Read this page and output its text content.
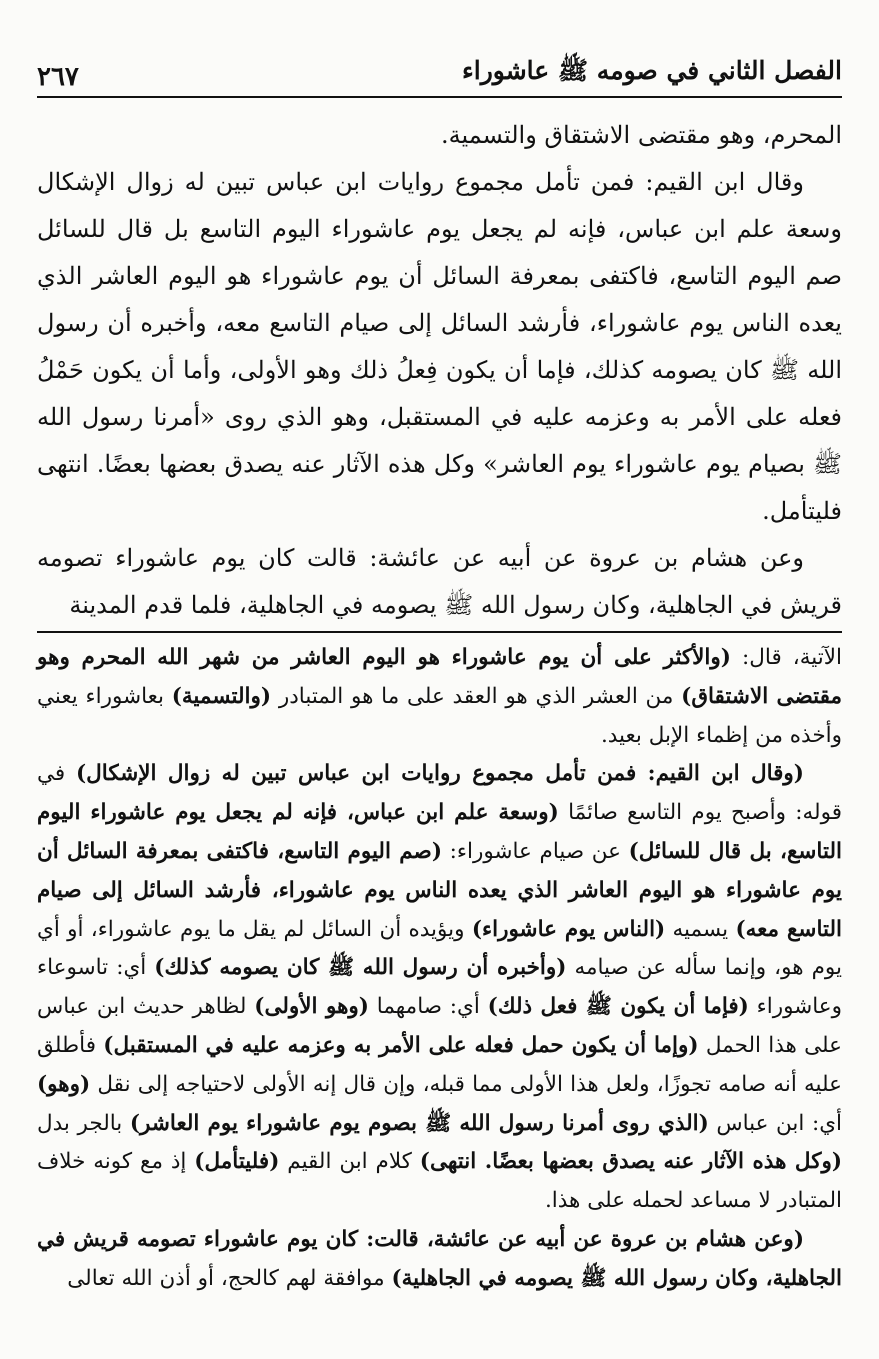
الفصل الثاني في صومه ﷺ عاشوراء
٢٦٧

المحرم، وهو مقتضى الاشتقاق والتسمية.

وقال ابن القيم: فمن تأمل مجموع روايات ابن عباس تبين له زوال الإشكال وسعة علم ابن عباس، فإنه لم يجعل يوم عاشوراء اليوم التاسع بل قال للسائل صم اليوم التاسع، فاكتفى بمعرفة السائل أن يوم عاشوراء هو اليوم العاشر الذي يعده الناس يوم عاشوراء، فأرشد السائل إلى صيام التاسع معه، وأخبره أن رسول الله ﷺ كان يصومه كذلك، فإما أن يكون فِعلُ ذلك وهو الأولى، وأما أن يكون حَمْلُ فعله على الأمر به وعزمه عليه في المستقبل، وهو الذي روى «أمرنا رسول الله ﷺ بصيام يوم عاشوراء يوم العاشر» وكل هذه الآثار عنه يصدق بعضها بعضًا. انتهى فليتأمل.

وعن هشام بن عروة عن أبيه عن عائشة: قالت كان يوم عاشوراء تصومه قريش في الجاهلية، وكان رسول الله ﷺ يصومه في الجاهلية، فلما قدم المدينة

الآتية، قال: (والأكثر على أن يوم عاشوراء هو اليوم العاشر من شهر الله المحرم وهو مقتضى الاشتقاق) من العشر الذي هو العقد على ما هو المتبادر (والتسمية) بعاشوراء يعني وأخذه من إظماء الإبل بعيد.

(وقال ابن القيم: فمن تأمل مجموع روايات ابن عباس تبين له زوال الإشكال) في قوله: وأصبح يوم التاسع صائمًا (وسعة علم ابن عباس، فإنه لم يجعل يوم عاشوراء اليوم التاسع، بل قال للسائل) عن صيام عاشوراء: (صم اليوم التاسع، فاكتفى بمعرفة السائل أن يوم عاشوراء هو اليوم العاشر الذي يعده الناس يوم عاشوراء، فأرشد السائل إلى صيام التاسع معه) يسميه (الناس يوم عاشوراء) ويؤيده أن السائل لم يقل ما يوم عاشوراء، أو أي يوم هو، وإنما سأله عن صيامه (وأخبره أن رسول الله ﷺ كان يصومه كذلك) أي: تاسوعاء وعاشوراء (فإما أن يكون ﷺ فعل ذلك) أي: صامهما (وهو الأولى) لظاهر حديث ابن عباس على هذا الحمل (وإما أن يكون حمل فعله على الأمر به وعزمه عليه في المستقبل) فأطلق عليه أنه صامه تجوزًا، ولعل هذا الأولى مما قبله، وإن قال إنه الأولى لاحتياجه إلى نقل (وهو) أي: ابن عباس (الذي روى أمرنا رسول الله ﷺ بصوم يوم عاشوراء يوم العاشر) بالجر بدل (وكل هذه الآثار عنه يصدق بعضها بعضًا. انتهى) كلام ابن القيم (فليتأمل) إذ مع كونه خلاف المتبادر لا مساعد لحمله على هذا.

(وعن هشام بن عروة عن أبيه عن عائشة، قالت: كان يوم عاشوراء تصومه قريش في الجاهلية، وكان رسول الله ﷺ يصومه في الجاهلية) موافقة لهم كالحج، أو أذن الله تعالى
